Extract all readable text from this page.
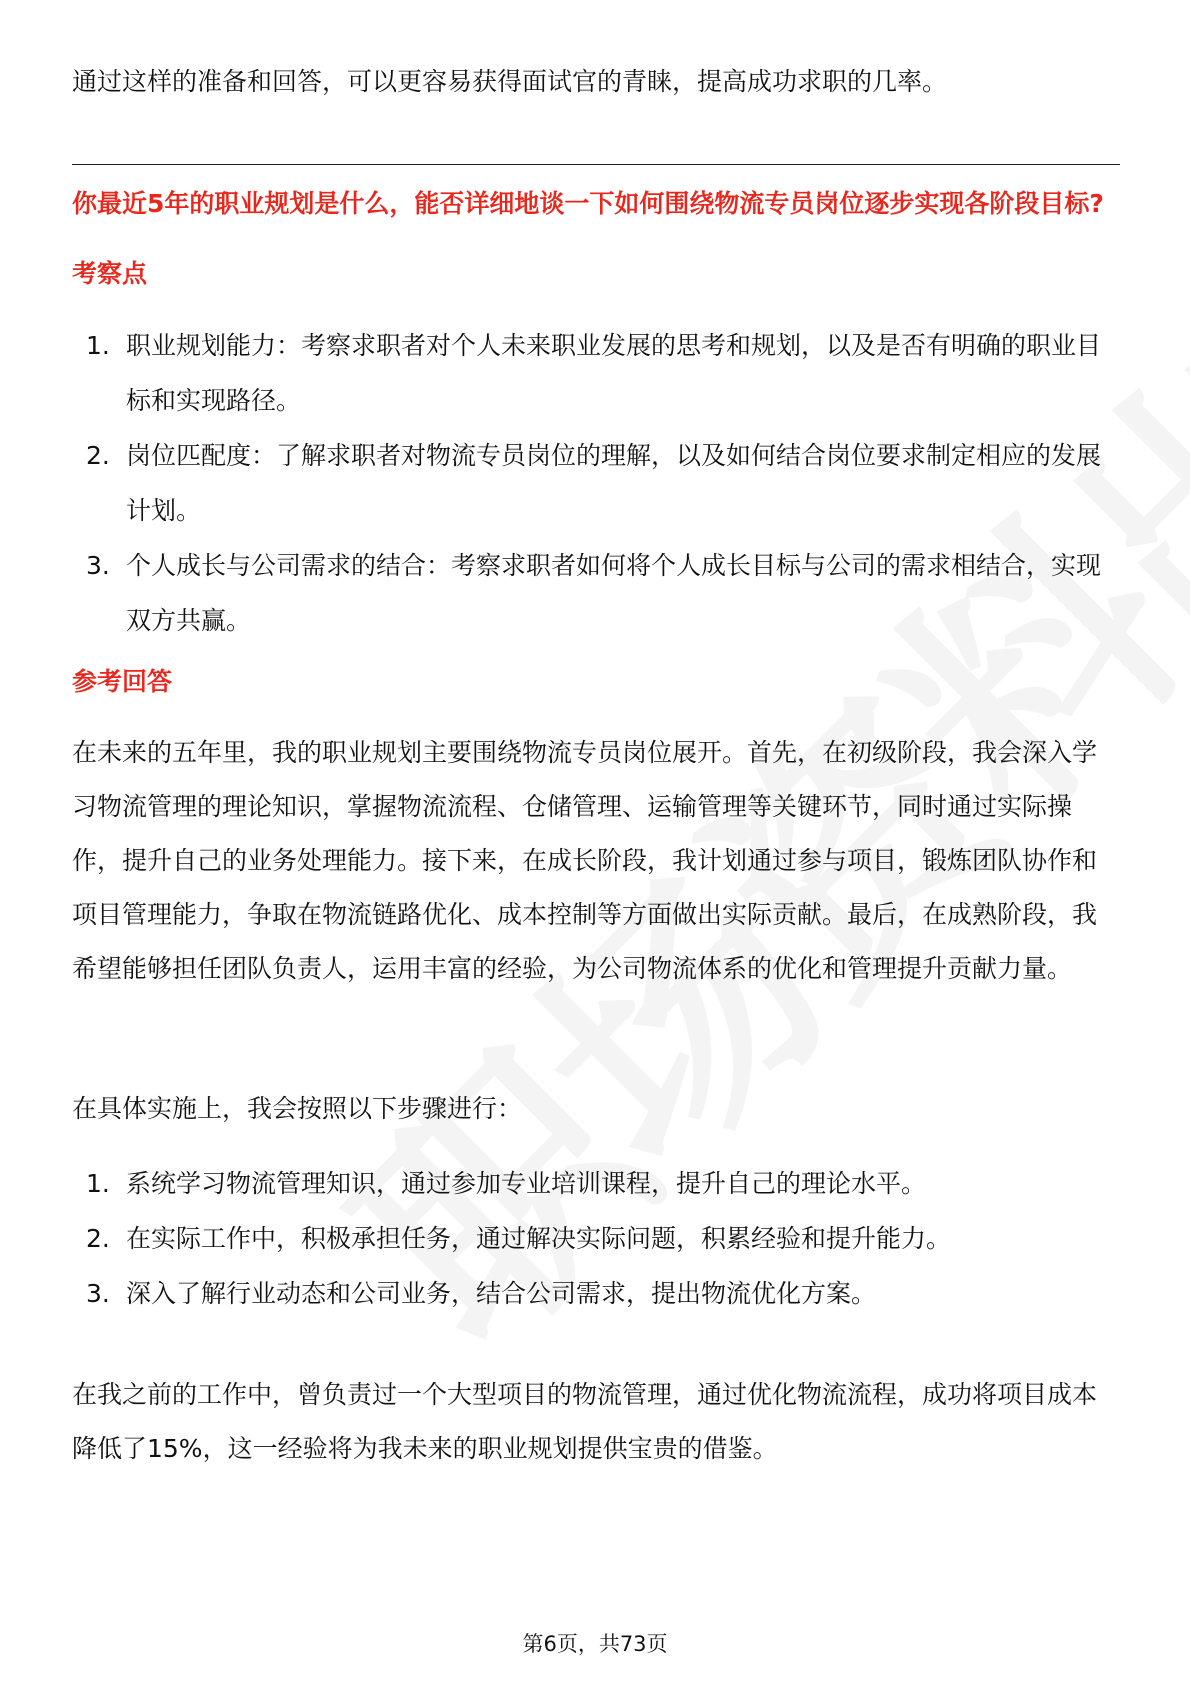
通过这样的准备和回答，可以更容易获得面试官的青睐，提高成功求职的几率。
你最近5年的职业规划是什么，能否详细地谈一下如何围绕物流专员岗位逐步实现各阶段目标?
考察点
1. 职业规划能力：考察求职者对个人未来职业发展的思考和规划，以及是否有明确的职业目标和实现路径。
2. 岗位匹配度：了解求职者对物流专员岗位的理解，以及如何结合岗位要求制定相应的发展计划。
3. 个人成长与公司需求的结合：考察求职者如何将个人成长目标与公司的需求相结合，实现双方共赢。
参考回答
在未来的五年里，我的职业规划主要围绕物流专员岗位展开。首先，在初级阶段，我会深入学习物流管理的理论知识，掌握物流流程、仓储管理、运输管理等关键环节，同时通过实际操作，提升自己的业务处理能力。接下来，在成长阶段，我计划通过参与项目，锻炼团队协作和项目管理能力，争取在物流链路优化、成本控制等方面做出实际贡献。最后，在成熟阶段，我希望能够担任团队负责人，运用丰富的经验，为公司物流体系的优化和管理提升贡献力量。
在具体实施上，我会按照以下步骤进行：
1. 系统学习物流管理知识，通过参加专业培训课程，提升自己的理论水平。
2. 在实际工作中，积极承担任务，通过解决实际问题，积累经验和提升能力。
3. 深入了解行业动态和公司业务，结合公司需求，提出物流优化方案。
在我之前的工作中，曾负责过一个大型项目的物流管理，通过优化物流流程，成功将项目成本降低了15%，这一经验将为我未来的职业规划提供宝贵的借鉴。
第6页，共73页
